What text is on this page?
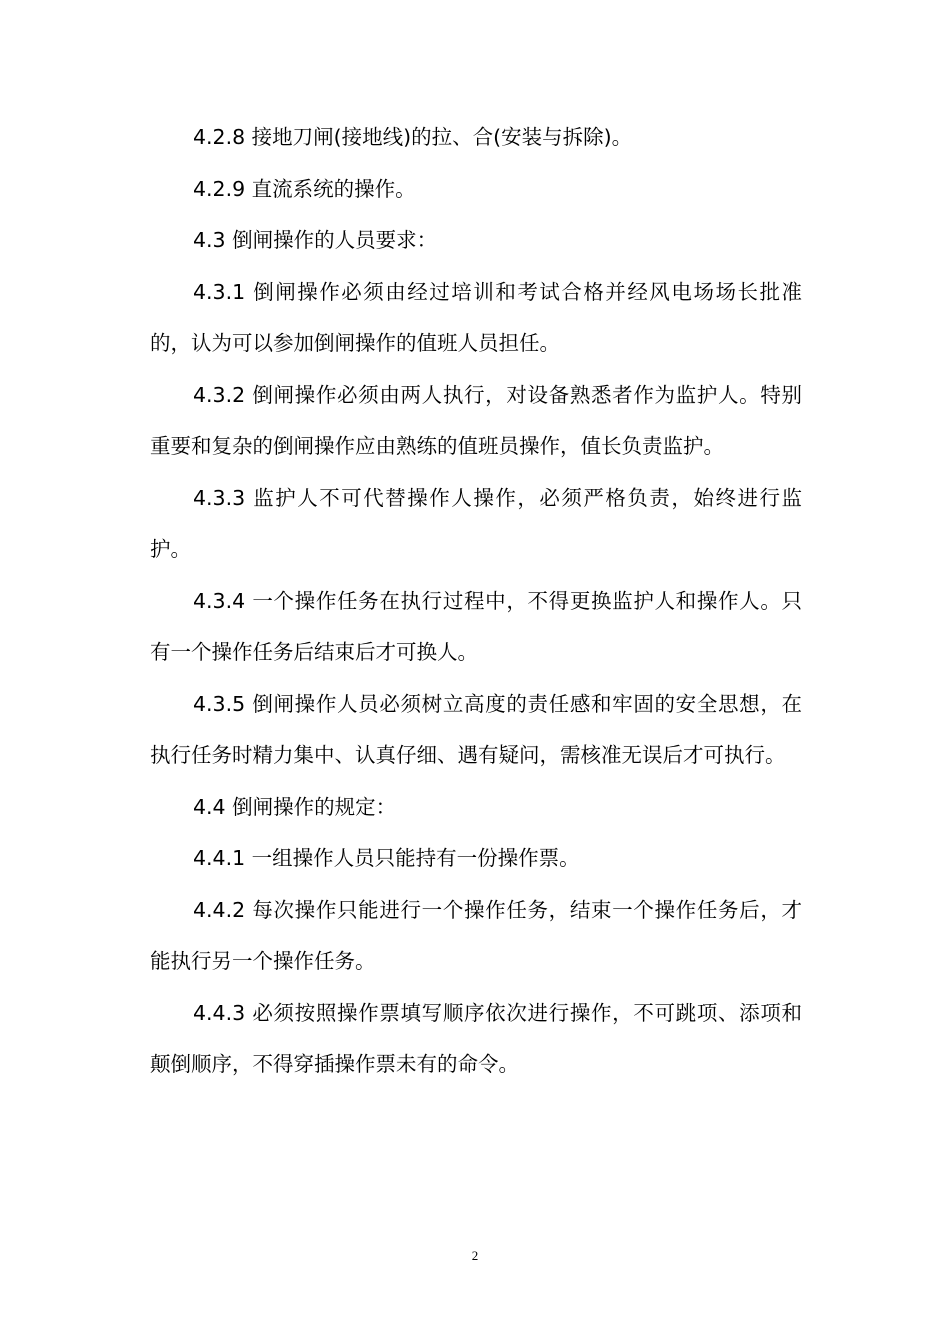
4.2.8 接地刀闸(接地线)的拉、合(安装与拆除)。

4.2.9 直流系统的操作。

4.3 倒闸操作的人员要求：

4.3.1 倒闸操作必须由经过培训和考试合格并经风电场场长批准的，认为可以参加倒闸操作的值班人员担任。

4.3.2 倒闸操作必须由两人执行，对设备熟悉者作为监护人。特别重要和复杂的倒闸操作应由熟练的值班员操作，值长负责监护。

4.3.3 监护人不可代替操作人操作，必须严格负责，始终进行监护。

4.3.4 一个操作任务在执行过程中，不得更换监护人和操作人。只有一个操作任务后结束后才可换人。

4.3.5 倒闸操作人员必须树立高度的责任感和牢固的安全思想，在执行任务时精力集中、认真仔细、遇有疑问，需核准无误后才可执行。

4.4 倒闸操作的规定：

4.4.1 一组操作人员只能持有一份操作票。

4.4.2 每次操作只能进行一个操作任务，结束一个操作任务后，才能执行另一个操作任务。

4.4.3 必须按照操作票填写顺序依次进行操作，不可跳项、添项和颠倒顺序，不得穿插操作票未有的命令。

2
